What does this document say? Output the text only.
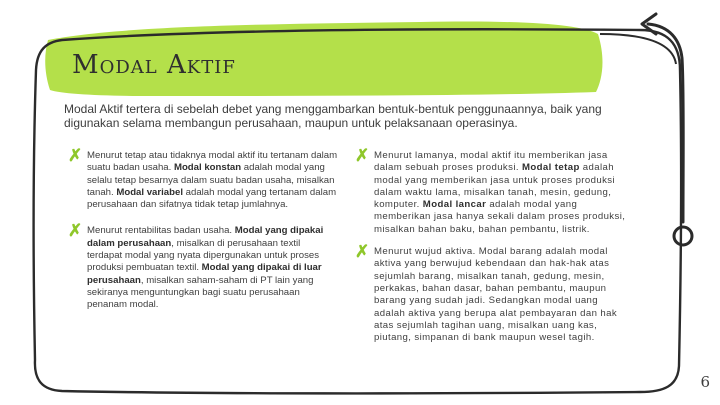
Modal Aktif

Modal Aktif tertera di sebelah debet yang menggambarkan bentuk-bentuk penggunaannya, baik yang digunakan selama membangun perusahaan, maupun untuk pelaksanaan operasinya.

✗ Menurut tetap atau tidaknya modal aktif itu tertanam dalam suatu badan usaha. Modal konstan adalah modal yang selalu tetap besarnya dalam suatu badan usaha, misalkan tanah. Modal variabel adalah modal yang tertanam dalam perusahaan dan sifatnya tidak tetap jumlahnya.
✗ Menurut rentabilitas badan usaha. Modal yang dipakai dalam perusahaan, misalkan di perusahaan textil terdapat modal yang nyata dipergunakan untuk proses produksi pembuatan textil. Modal yang dipakai di luar perusahaan, misalkan saham-saham di PT lain yang sekiranya menguntungkan bagi suatu perusahaan penanam modal.
✗ Menurut lamanya, modal aktif itu memberikan jasa dalam sebuah proses produksi. Modal tetap adalah modal yang memberikan jasa untuk proses produksi dalam waktu lama, misalkan tanah, mesin, gedung, komputer. Modal lancar adalah modal yang memberikan jasa hanya sekali dalam proses produksi, misalkan bahan baku, bahan pembantu, listrik.
✗ Menurut wujud aktiva. Modal barang adalah modal aktiva yang berwujud kebendaan dan hak-hak atas sejumlah barang, misalkan tanah, gedung, mesin, perkakas, bahan dasar, bahan pembantu, maupun barang yang sudah jadi. Sedangkan modal uang adalah aktiva yang berupa alat pembayaran dan hak atas sejumlah tagihan uang, misalkan uang kas, piutang, simpanan di bank maupun wesel tagih.
6
